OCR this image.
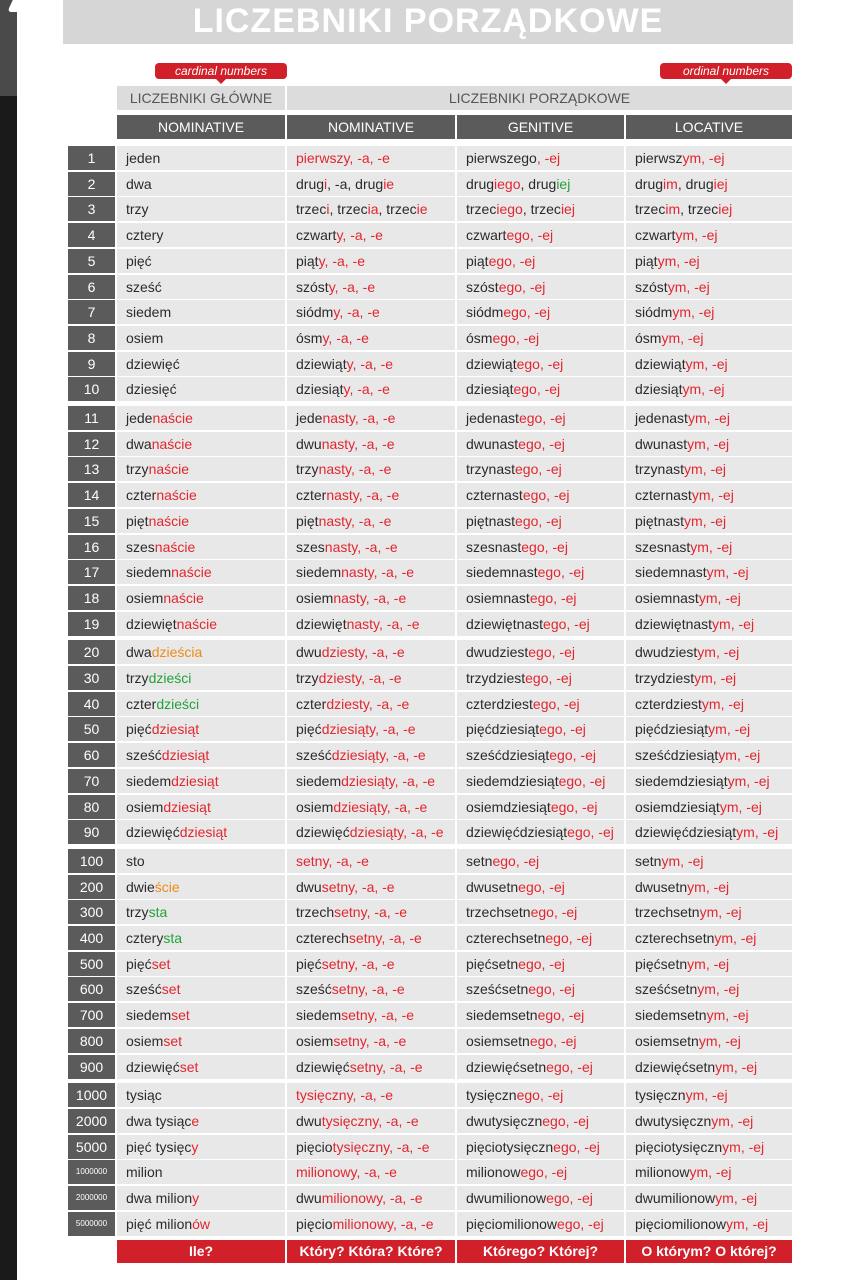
LICZEBNIKI PORZĄDKOWE
cardinal numbers	ordinal numbers
LICZEBNIKI GŁÓWNE	LICZEBNIKI PORZĄDKOWE
NOMINATIVE	NOMINATIVE	GENITIVE	LOCATIVE
1	jeden	pierwszy, -a, -e	pierwszego, -ej	pierwszym, -ej
2	dwa	drugi, -a, drugie	drugiego, drugiej	drugim, drugiej
3	trzy	trzeci, trzecia, trzecie	trzeciego, trzeciej	trzecim, trzeciej
4	cztery	czwarty, -a, -e	czwartego, -ej	czwartym, -ej
5	pięć	piąty, -a, -e	piątego, -ej	piątym, -ej
6	sześć	szósty, -a, -e	szóstego, -ej	szóstym, -ej
7	siedem	siódmy, -a, -e	siódmego, -ej	siódmym, -ej
8	osiem	ósmy, -a, -e	ósmego, -ej	ósmym, -ej
9	dziewięć	dziewiąty, -a, -e	dziewiątego, -ej	dziewiątym, -ej
10	dziesięć	dziesiąty, -a, -e	dziesiątego, -ej	dziesiątym, -ej
11	jedenaście	jedenasty, -a, -e	jedenastego, -ej	jedenastym, -ej
12	dwanaście	dwunasty, -a, -e	dwunastego, -ej	dwunastym, -ej
13	trzynaście	trzynasty, -a, -e	trzynastego, -ej	trzynastym, -ej
14	czternaście	czternasty, -a, -e	czternastego, -ej	czternastym, -ej
15	piętnaście	piętnasty, -a, -e	piętnastego, -ej	piętnastym, -ej
16	szesnaście	szesnasty, -a, -e	szesnastego, -ej	szesnastym, -ej
17	siedemnaście	siedemnasty, -a, -e	siedemnastego, -ej	siedemnastym, -ej
18	osiemnaście	osiemnasty, -a, -e	osiemnastego, -ej	osiemnastym, -ej
19	dziewiętnaście	dziewiętnasty, -a, -e	dziewiętnastego, -ej	dziewiętnastym, -ej
20	dwadzieścia	dwudziesty, -a, -e	dwudziestego, -ej	dwudziestym, -ej
30	trzydzieści	trzydziesty, -a, -e	trzydziestego, -ej	trzydziestym, -ej
40	czterdzieści	czterdziesty, -a, -e	czterdziestego, -ej	czterdziestym, -ej
50	pięćdziesiąt	pięćdziesiąty, -a, -e	pięćdziesiątego, -ej	pięćdziesiątym, -ej
60	sześćdziesiąt	sześćdziesiąty, -a, -e	sześćdziesiątego, -ej	sześćdziesiątym, -ej
70	siedemdziesiąt	siedemdziesiąty, -a, -e	siedemdziesiątego, -ej	siedemdziesiątym, -ej
80	osiemdziesiąt	osiemdziesiąty, -a, -e	osiemdziesiątego, -ej	osiemdziesiątym, -ej
90	dziewięćdziesiąt	dziewięćdziesiąty, -a, -e	dziewięćdziesiątego, -ej	dziewięćdziesiątym, -ej
100	sto	setny, -a, -e	setnego, -ej	setnym, -ej
200	dwieście	dwusetny, -a, -e	dwusetnego, -ej	dwusetnym, -ej
300	trzysta	trzechsetny, -a, -e	trzechsetnego, -ej	trzechsetnym, -ej
400	czterysta	czterechsetny, -a, -e	czterechsetnego, -ej	czterechsetnym, -ej
500	pięćset	pięćsetny, -a, -e	pięćsetnego, -ej	pięćsetnym, -ej
600	sześćset	sześćsetny, -a, -e	sześćsetnego, -ej	sześćsetnym, -ej
700	siedemset	siedemsetny, -a, -e	siedemsetnego, -ej	siedemsetnym, -ej
800	osiemset	osiemsetny, -a, -e	osiemsetnego, -ej	osiemsetnym, -ej
900	dziewięćset	dziewięćsetny, -a, -e	dziewięćsetnego, -ej	dziewięćsetnym, -ej
1000	tysiąc	tysięczny, -a, -e	tysięcznego, -ej	tysięcznym, -ej
2000	dwa tysiące	dwutysięczny, -a, -e	dwutysięcznego, -ej	dwutysięcznym, -ej
5000	pięć tysięcy	pięciotysięczny, -a, -e	pięciotysięcznego, -ej	pięciotysięcznym, -ej
1000000	milion	milionowy, -a, -e	milionowego, -ej	milionowym, -ej
2000000	dwa miliony	dwumilionowy, -a, -e	dwumilionowego, -ej	dwumilionowym, -ej
5000000	pięć milionów	pięciomilionowy, -a, -e	pięciomilionowego, -ej	pięciomilionowym, -ej
Ile?	Który? Która? Które?	Którego? Której?	O którym? O której?
